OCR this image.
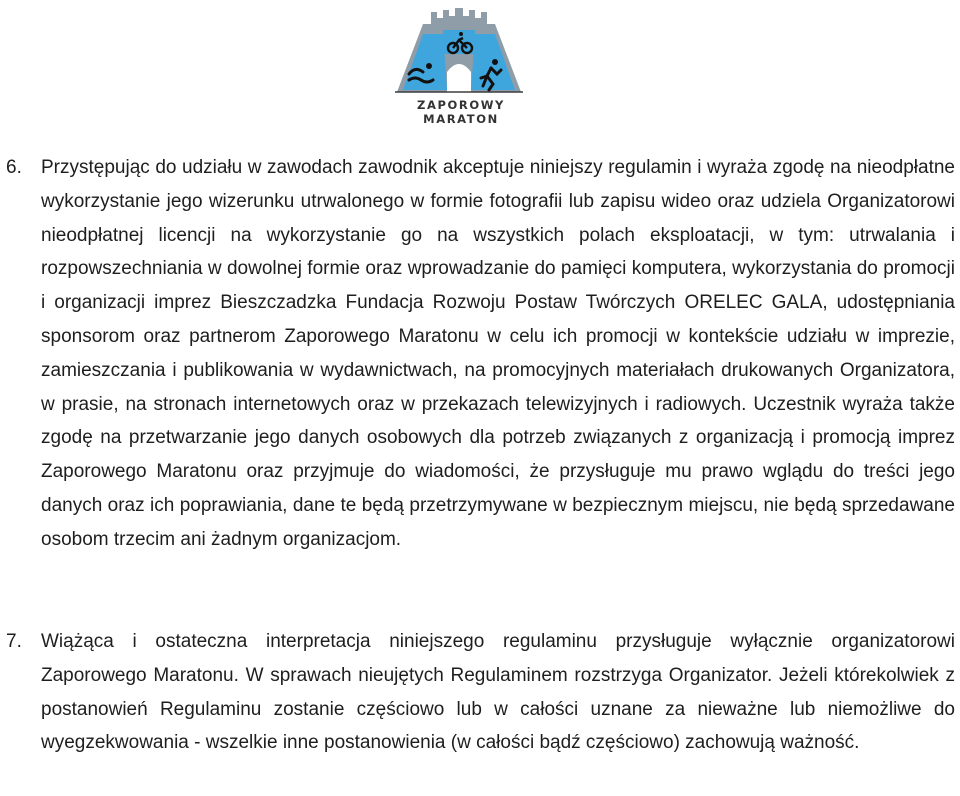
ZAPOROWY MARATON
6. Przystępując do udziału w zawodach zawodnik akceptuje niniejszy regulamin i wyraża zgodę na nieodpłatne wykorzystanie jego wizerunku utrwalonego w formie fotografii lub zapisu wideo oraz udziela Organizatorowi nieodpłatnej licencji na wykorzystanie go na wszystkich polach eksploatacji, w tym: utrwalania i rozpowszechniania w dowolnej formie oraz wprowadzanie do pamięci komputera, wykorzystania do promocji i organizacji imprez Bieszczadzka Fundacja Rozwoju Postaw Twórczych ORELEC GALA, udostępniania sponsorom oraz partnerom Zaporowego Maratonu w celu ich promocji w kontekście udziału w imprezie, zamieszczania i publikowania w wydawnictwach, na promocyjnych materiałach drukowanych Organizatora, w prasie, na stronach internetowych oraz w przekazach telewizyjnych i radiowych. Uczestnik wyraża także zgodę na przetwarzanie jego danych osobowych dla potrzeb związanych z organizacją i promocją imprez Zaporowego Maratonu oraz przyjmuje do wiadomości, że przysługuje mu prawo wglądu do treści jego danych oraz ich poprawiania, dane te będą przetrzymywane w bezpiecznym miejscu, nie będą sprzedawane osobom trzecim ani żadnym organizacjom.
7. Wiążąca i ostateczna interpretacja niniejszego regulaminu przysługuje wyłącznie organizatorowi Zaporowego Maratonu. W sprawach nieujętych Regulaminem rozstrzyga Organizator. Jeżeli którekolwiek z postanowień Regulaminu zostanie częściowo lub w całości uznane za nieważne lub niemożliwe do wyegzekwowania - wszelkie inne postanowienia (w całości bądź częściowo) zachowują ważność.
